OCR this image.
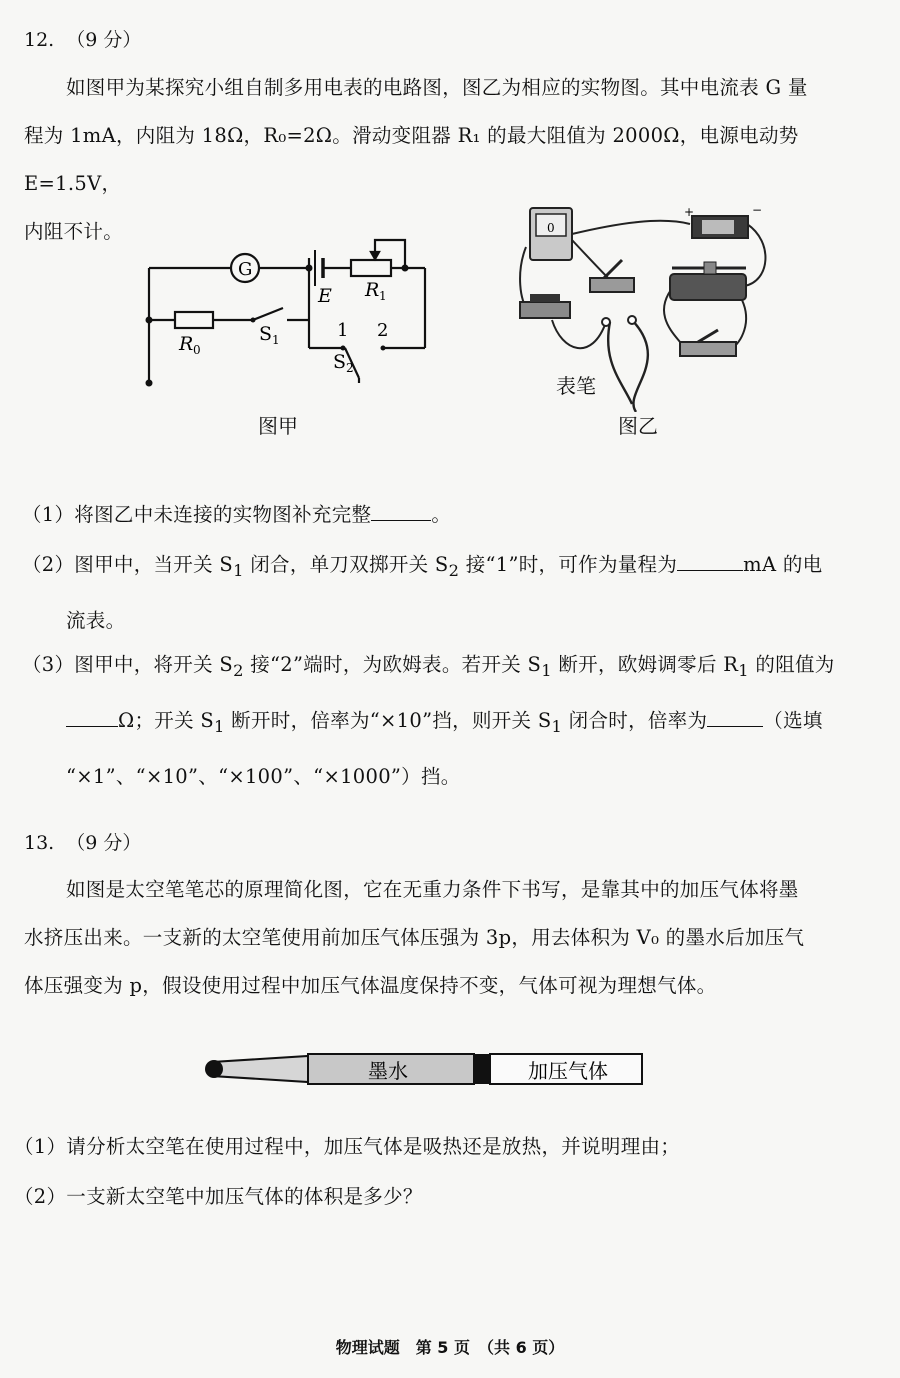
12. （9 分）
如图甲为某探究小组自制多用电表的电路图，图乙为相应的实物图。其中电流表 G 量
程为 1mA，内阻为 18Ω，R₀=2Ω。滑动变阻器 R₁ 的最大阻值为 2000Ω，电源电动势 E=1.5V，
内阻不计。
G
E R 1
R 0
S 1
S 2
1 2
图甲
0
+	−
表笔
图乙
（1）将图乙中未连接的实物图补充完整	。
（2）图甲中，当开关 $S_1$ 闭合，单刀双掷开关 $S_2$ 接“1”时，可作为量程为	mA 的电
流表。
（3）图甲中，将开关 $S_2$ 接“2”端时，为欧姆表。若开关 $S_1$ 断开，欧姆调零后 $R_1$ 的阻值为
Ω；开关 $S_1$ 断开时，倍率为“×10”挡，则开关 $S_1$ 闭合时，倍率为	（选填
“×1”、“×10”、“×100”、“×1000”）挡。
13. （9 分）
如图是太空笔笔芯的原理简化图，它在无重力条件下书写，是靠其中的加压气体将墨
水挤压出来。一支新的太空笔使用前加压气体压强为 3p，用去体积为 V₀ 的墨水后加压气
体压强变为 p，假设使用过程中加压气体温度保持不变，气体可视为理想气体。
墨水	加压气体
（1）请分析太空笔在使用过程中，加压气体是吸热还是放热，并说明理由；
（2）一支新太空笔中加压气体的体积是多少？
物理试题　第 5 页　（共 6 页）
